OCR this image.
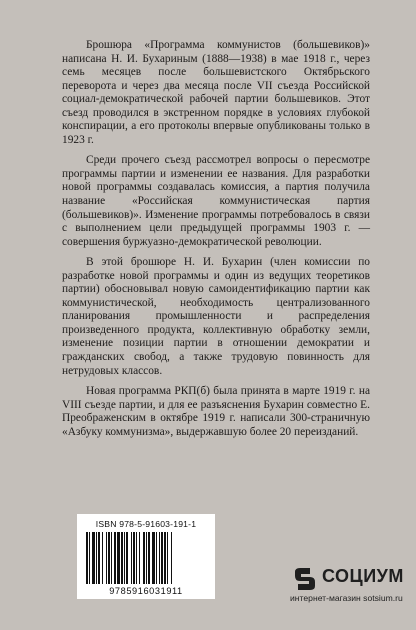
Брошюра «Программа коммунистов (большевиков)» написана Н. И. Бухариным (1888—1938) в мае 1918 г., через семь месяцев после большевистского Октябрьского переворота и через два месяца после VII съезда Российской социал-демократической рабочей партии большевиков. Этот съезд проводился в экстренном порядке в условиях глубокой конспирации, а его протоколы впервые опубликованы только в 1923 г.

Среди прочего съезд рассмотрел вопросы о пересмотре программы партии и изменении ее названия. Для разработки новой программы создавалась комиссия, а партия получила название «Российская коммунистическая партия (большевиков)». Изменение программы потребовалось в связи с выполнением цели предыдущей программы 1903 г. — совершения буржуазно-демократической революции.

В этой брошюре Н. И. Бухарин (член комиссии по разработке новой программы и один из ведущих теоретиков партии) обосновывал новую самоидентификацию партии как коммунистической, необходимость централизованного планирования промышленности и распределения произведенного продукта, коллективную обработку земли, изменение позиции партии в отношении демократии и гражданских свобод, а также трудовую повинность для нетрудовых классов.

Новая программа РКП(б) была принята в марте 1919 г. на VIII съезде партии, и для ее разъяснения Бухарин совместно Е. Преображенским в октябре 1919 г. написали 300-страничную «Азбуку коммунизма», выдержавшую более 20 переизданий.

ISBN 978-5-91603-191-1
9785916031911
СОЦИУМ
интернет-магазин sotsium.ru
